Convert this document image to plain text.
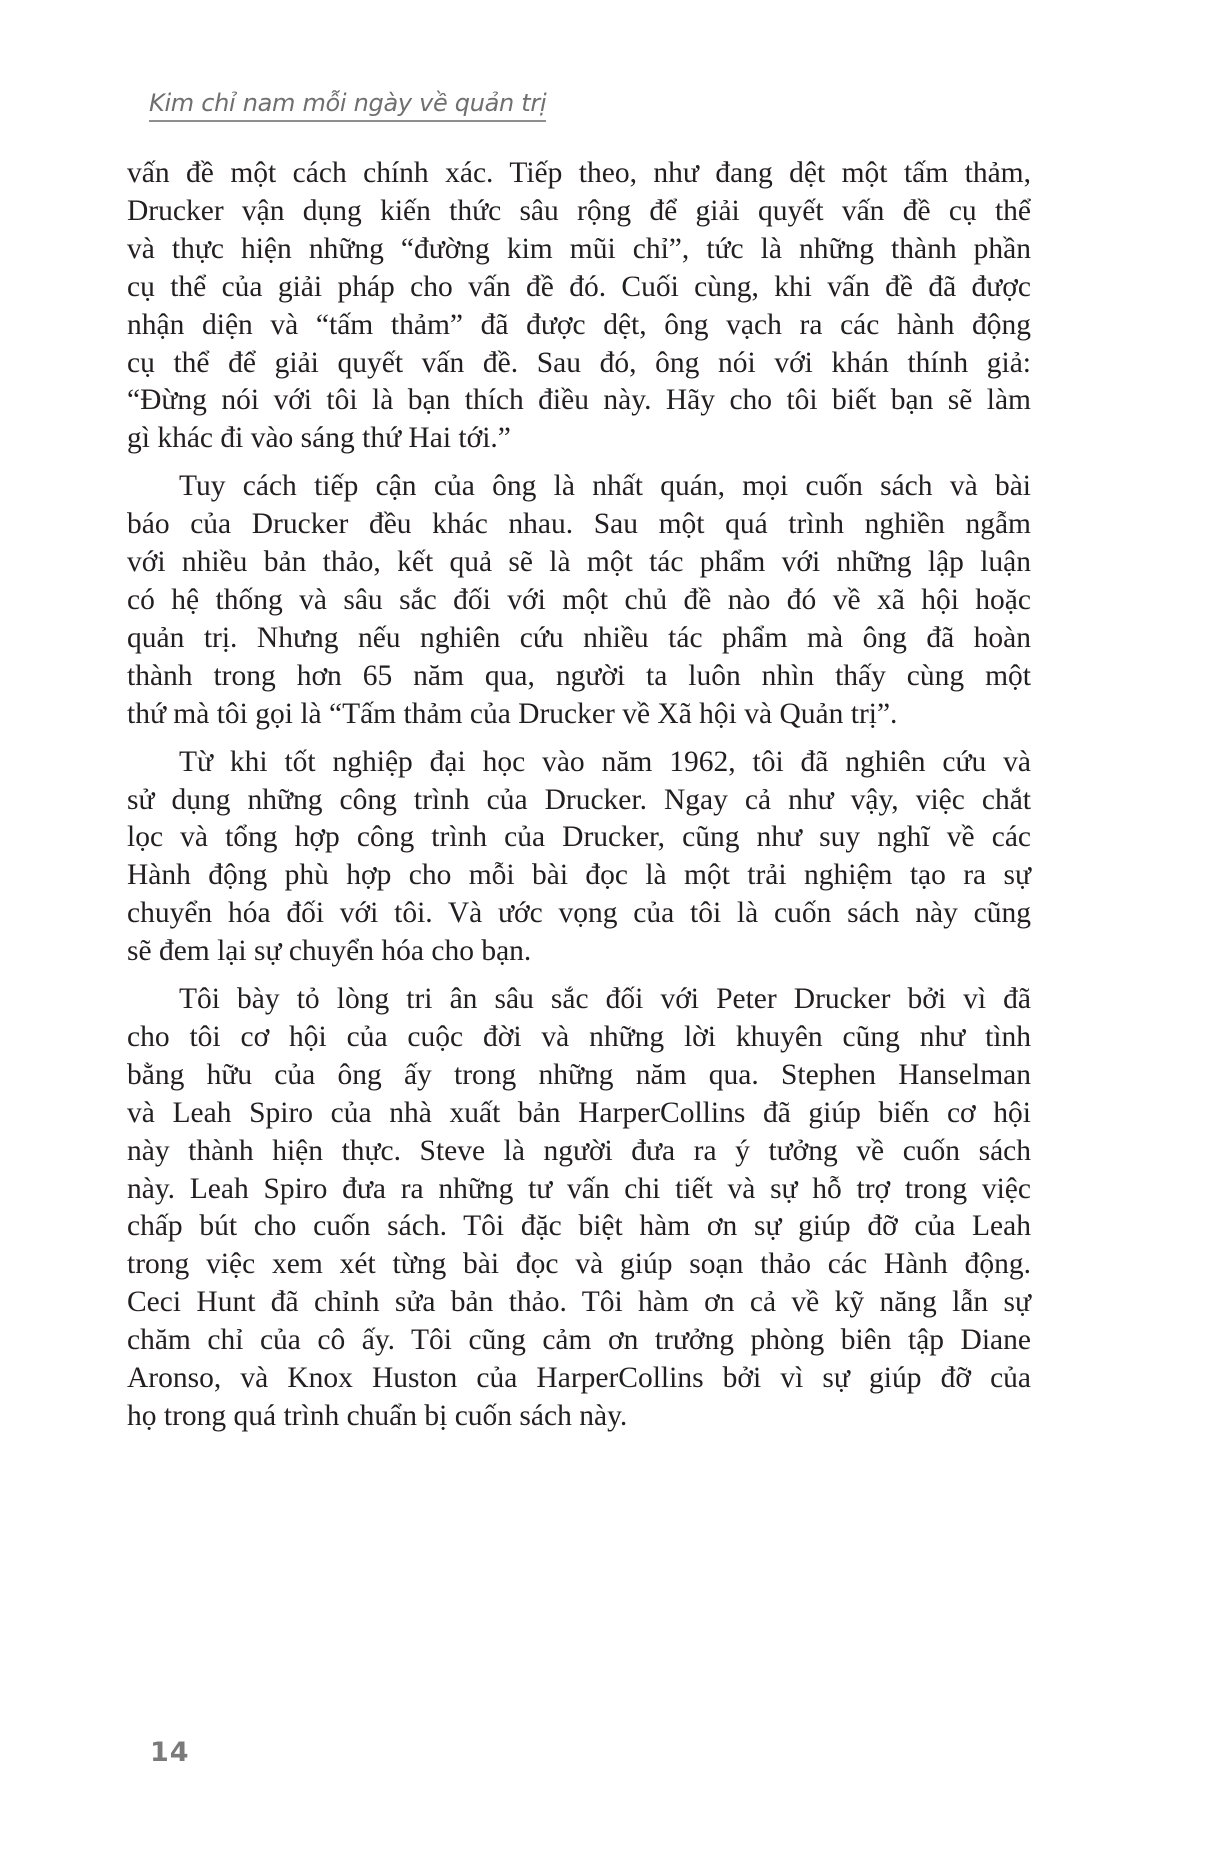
Kim chỉ nam mỗi ngày về quản trị
vấn đề một cách chính xác. Tiếp theo, như đang dệt một tấm thảm,
Drucker vận dụng kiến thức sâu rộng để giải quyết vấn đề cụ thể
và thực hiện những “đường kim mũi chỉ”, tức là những thành phần
cụ thể của giải pháp cho vấn đề đó. Cuối cùng, khi vấn đề đã được
nhận diện và “tấm thảm” đã được dệt, ông vạch ra các hành động
cụ thể để giải quyết vấn đề. Sau đó, ông nói với khán thính giả:
“Đừng nói với tôi là bạn thích điều này. Hãy cho tôi biết bạn sẽ làm
gì khác đi vào sáng thứ Hai tới.”
Tuy cách tiếp cận của ông là nhất quán, mọi cuốn sách và bài
báo của Drucker đều khác nhau. Sau một quá trình nghiền ngẫm
với nhiều bản thảo, kết quả sẽ là một tác phẩm với những lập luận
có hệ thống và sâu sắc đối với một chủ đề nào đó về xã hội hoặc
quản trị. Nhưng nếu nghiên cứu nhiều tác phẩm mà ông đã hoàn
thành trong hơn 65 năm qua, người ta luôn nhìn thấy cùng một
thứ mà tôi gọi là “Tấm thảm của Drucker về Xã hội và Quản trị”.
Từ khi tốt nghiệp đại học vào năm 1962, tôi đã nghiên cứu và
sử dụng những công trình của Drucker. Ngay cả như vậy, việc chắt
lọc và tổng hợp công trình của Drucker, cũng như suy nghĩ về các
Hành động phù hợp cho mỗi bài đọc là một trải nghiệm tạo ra sự
chuyển hóa đối với tôi. Và ước vọng của tôi là cuốn sách này cũng
sẽ đem lại sự chuyển hóa cho bạn.
Tôi bày tỏ lòng tri ân sâu sắc đối với Peter Drucker bởi vì đã
cho tôi cơ hội của cuộc đời và những lời khuyên cũng như tình
bằng hữu của ông ấy trong những năm qua. Stephen Hanselman
và Leah Spiro của nhà xuất bản HarperCollins đã giúp biến cơ hội
này thành hiện thực. Steve là người đưa ra ý tưởng về cuốn sách
này. Leah Spiro đưa ra những tư vấn chi tiết và sự hỗ trợ trong việc
chấp bút cho cuốn sách. Tôi đặc biệt hàm ơn sự giúp đỡ của Leah
trong việc xem xét từng bài đọc và giúp soạn thảo các Hành động.
Ceci Hunt đã chỉnh sửa bản thảo. Tôi hàm ơn cả về kỹ năng lẫn sự
chăm chỉ của cô ấy. Tôi cũng cảm ơn trưởng phòng biên tập Diane
Aronso, và Knox Huston của HarperCollins bởi vì sự giúp đỡ của
họ trong quá trình chuẩn bị cuốn sách này.
14
